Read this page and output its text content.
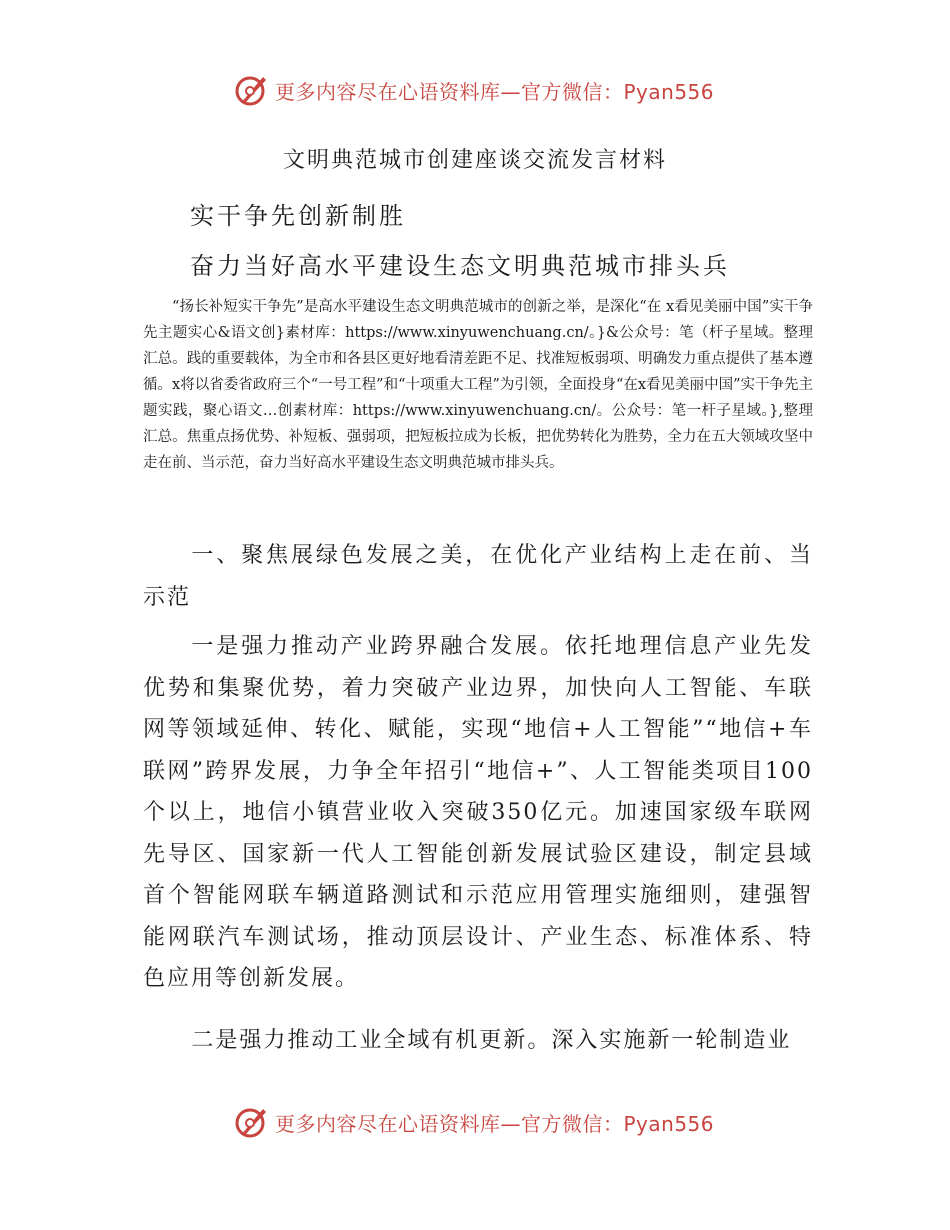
更多内容尽在心语资料库—官方微信：Pyan556
文明典范城市创建座谈交流发言材料
实干争先创新制胜
奋力当好高水平建设生态文明典范城市排头兵
“扬长补短实干争先”是高水平建设生态文明典范城市的创新之举，是深化“在 x看见美丽中国”实干争先主题实心&语文创}素材库：https://www.xinyuwenchuang.cn/。}&公众号：笔（杆子星域。整理汇总。践的重要载体，为全市和各县区更好地看清差距不足、找准短板弱项、明确发力重点提供了基本遵循。x将以省委省政府三个“一号工程”和“十项重大工程”为引领，全面投身“在x看见美丽中国”实干争先主题实践，聚心语文…创素材库：https://www.xinyuwenchuang.cn/。公众号：笔一杆子星域。},整理汇总。焦重点扬优势、补短板、强弱项，把短板拉成为长板，把优势转化为胜势，全力在五大领域攻坚中走在前、当示范，奋力当好高水平建设生态文明典范城市排头兵。
一、聚焦展绿色发展之美，在优化产业结构上走在前、当示范
一是强力推动产业跨界融合发展。依托地理信息产业先发优势和集聚优势，着力突破产业边界，加快向人工智能、车联网等领域延伸、转化、赋能，实现“地信+人工智能”“地信+车联网”跨界发展，力争全年招引“地信+”、人工智能类项目100个以上，地信小镇营业收入突破350亿元。加速国家级车联网先导区、国家新一代人工智能创新发展试验区建设，制定县域首个智能网联车辆道路测试和示范应用管理实施细则，建强智能网联汽车测试场，推动顶层设计、产业生态、标准体系、特色应用等创新发展。
二是强力推动工业全域有机更新。深入实施新一轮制造业
更多内容尽在心语资料库—官方微信：Pyan556
